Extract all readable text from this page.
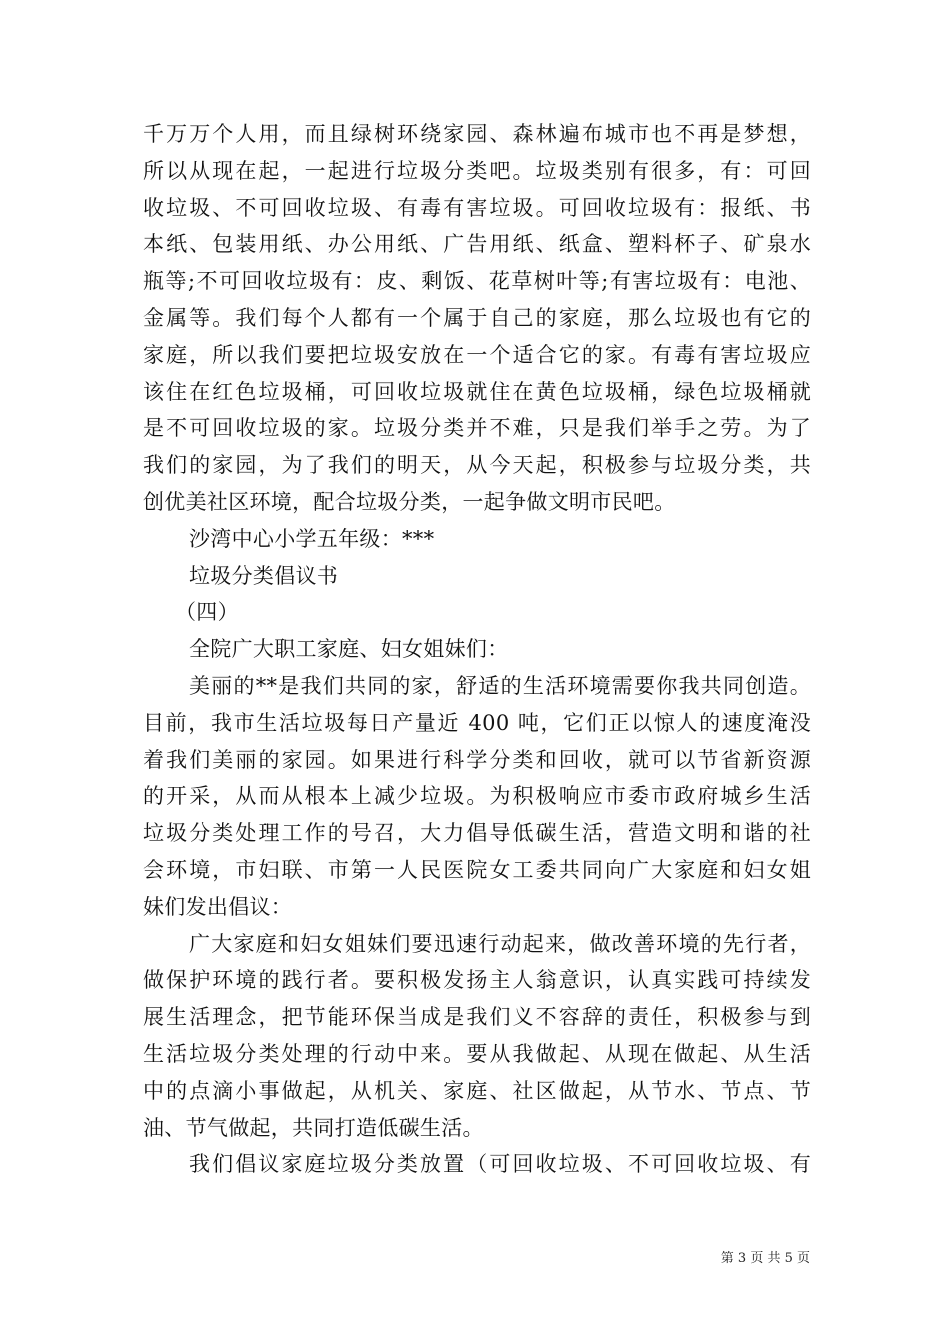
千万万个人用，而且绿树环绕家园、森林遍布城市也不再是梦想，
所以从现在起，一起进行垃圾分类吧。垃圾类别有很多，有：可回
收垃圾、不可回收垃圾、有毒有害垃圾。可回收垃圾有：报纸、书
本纸、包装用纸、办公用纸、广告用纸、纸盒、塑料杯子、矿泉水
瓶等;不可回收垃圾有：皮、剩饭、花草树叶等;有害垃圾有：电池、
金属等。我们每个人都有一个属于自己的家庭，那么垃圾也有它的
家庭，所以我们要把垃圾安放在一个适合它的家。有毒有害垃圾应
该住在红色垃圾桶，可回收垃圾就住在黄色垃圾桶，绿色垃圾桶就
是不可回收垃圾的家。垃圾分类并不难，只是我们举手之劳。为了
我们的家园，为了我们的明天，从今天起，积极参与垃圾分类，共
创优美社区环境，配合垃圾分类，一起争做文明市民吧。
沙湾中心小学五年级：***
垃圾分类倡议书
（四）
全院广大职工家庭、妇女姐妹们：
美丽的**是我们共同的家，舒适的生活环境需要你我共同创造。
目前，我市生活垃圾每日产量近 400 吨，它们正以惊人的速度淹没
着我们美丽的家园。如果进行科学分类和回收，就可以节省新资源
的开采，从而从根本上减少垃圾。为积极响应市委市政府城乡生活
垃圾分类处理工作的号召，大力倡导低碳生活，营造文明和谐的社
会环境，市妇联、市第一人民医院女工委共同向广大家庭和妇女姐
妹们发出倡议：
广大家庭和妇女姐妹们要迅速行动起来，做改善环境的先行者，
做保护环境的践行者。要积极发扬主人翁意识，认真实践可持续发
展生活理念，把节能环保当成是我们义不容辞的责任，积极参与到
生活垃圾分类处理的行动中来。要从我做起、从现在做起、从生活
中的点滴小事做起，从机关、家庭、社区做起，从节水、节点、节
油、节气做起，共同打造低碳生活。
我们倡议家庭垃圾分类放置（可回收垃圾、不可回收垃圾、有
第 3 页 共 5 页
